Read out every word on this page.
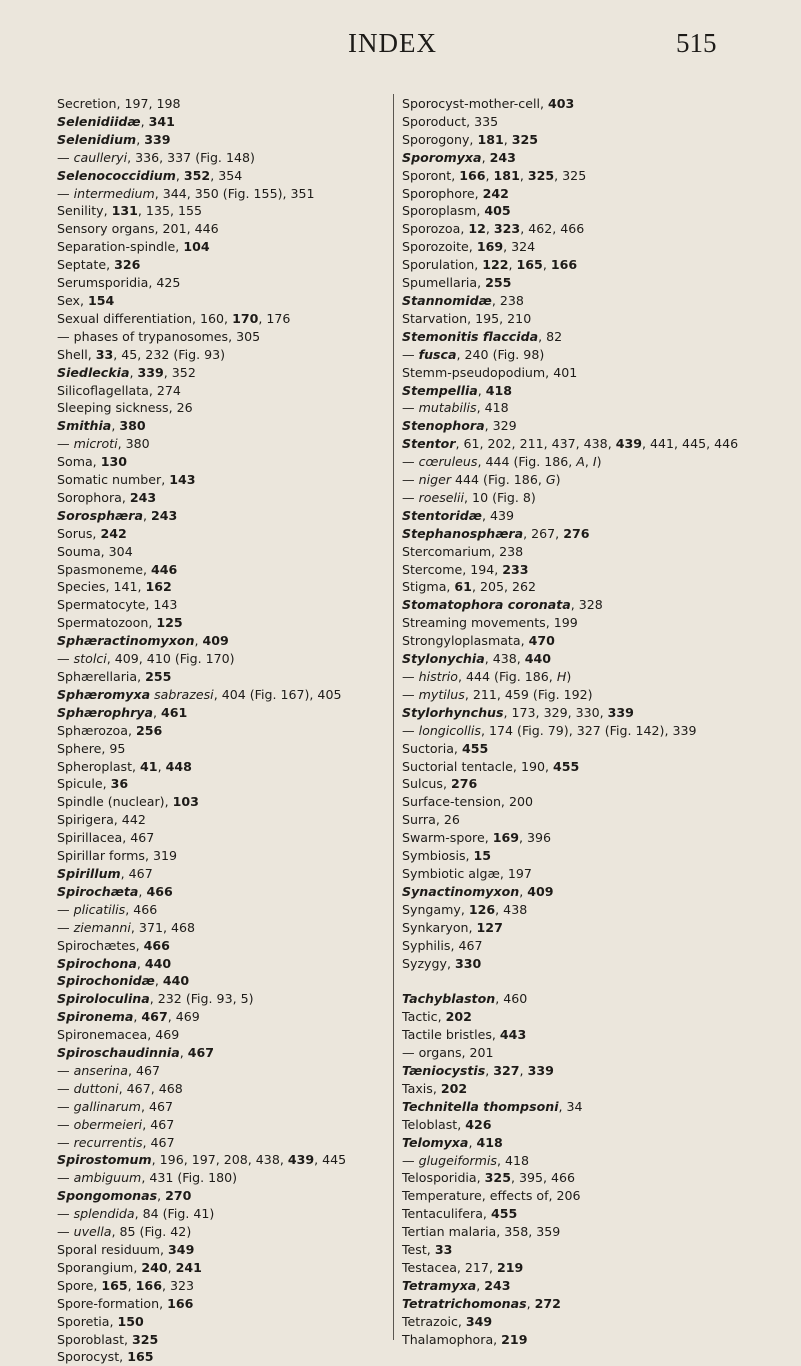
INDEX	515
Secretion, 197, 198
Selenidiidæ, 341
Selenidium, 339
— caulleryi, 336, 337 (Fig. 148)
Selenococcidium, 352, 354
— intermedium, 344, 350 (Fig. 155), 351
Senility, 131, 135, 155
Sensory organs, 201, 446
Separation-spindle, 104
Septate, 326
Serumsporidia, 425
Sex, 154
Sexual differentiation, 160, 170, 176
— phases of trypanosomes, 305
Shell, 33, 45, 232 (Fig. 93)
Siedleckia, 339, 352
Silicoflagellata, 274
Sleeping sickness, 26
Smithia, 380
— microti, 380
Soma, 130
Somatic number, 143
Sorophora, 243
Sorosphæra, 243
Sorus, 242
Souma, 304
Spasmoneme, 446
Species, 141, 162
Spermatocyte, 143
Spermatozoon, 125
Sphæractinomyxon, 409
— stolci, 409, 410 (Fig. 170)
Sphærellaria, 255
Sphæromyxa sabrazesi, 404 (Fig. 167), 405
Sphærophrya, 461
Sphærozoa, 256
Sphere, 95
Spheroplast, 41, 448
Spicule, 36
Spindle (nuclear), 103
Spirigera, 442
Spirillacea, 467
Spirillar forms, 319
Spirillum, 467
Spirochæta, 466
— plicatilis, 466
— ziemanni, 371, 468
Spirochætes, 466
Spirochona, 440
Spirochonidæ, 440
Spiroloculina, 232 (Fig. 93, 5)
Spironema, 467, 469
Spironemacea, 469
Spiroschaudinnia, 467
— anserina, 467
— duttoni, 467, 468
— gallinarum, 467
— obermeieri, 467
— recurrentis, 467
Spirostomum, 196, 197, 208, 438, 439, 445
— ambiguum, 431 (Fig. 180)
Spongomonas, 270
— splendida, 84 (Fig. 41)
— uvella, 85 (Fig. 42)
Sporal residuum, 349
Sporangium, 240, 241
Spore, 165, 166, 323
Spore-formation, 166
Sporetia, 150
Sporoblast, 325
Sporocyst, 165
Sporocyst-mother-cell, 403
Sporoduct, 335
Sporogony, 181, 325
Sporomyxa, 243
Sporont, 166, 181, 325, 325
Sporophore, 242
Sporoplasm, 405
Sporozoa, 12, 323, 462, 466
Sporozoite, 169, 324
Sporulation, 122, 165, 166
Spumellaria, 255
Stannomidæ, 238
Starvation, 195, 210
Stemonitis flaccida, 82
— fusca, 240 (Fig. 98)
Stemm-pseudopodium, 401
Stempellia, 418
— mutabilis, 418
Stenophora, 329
Stentor, 61, 202, 211, 437, 438, 439, 441, 445, 446
— cœruleus, 444 (Fig. 186, A, I)
— niger 444 (Fig. 186, G)
— roeselii, 10 (Fig. 8)
Stentoridæ, 439
Stephanosphæra, 267, 276
Stercomarium, 238
Stercome, 194, 233
Stigma, 61, 205, 262
Stomatophora coronata, 328
Streaming movements, 199
Strongyloplasmata, 470
Stylonychia, 438, 440
— histrio, 444 (Fig. 186, H)
— mytilus, 211, 459 (Fig. 192)
Stylorhynchus, 173, 329, 330, 339
— longicollis, 174 (Fig. 79), 327 (Fig. 142), 339
Suctoria, 455
Suctorial tentacle, 190, 455
Sulcus, 276
Surface-tension, 200
Surra, 26
Swarm-spore, 169, 396
Symbiosis, 15
Symbiotic algæ, 197
Synactinomyxon, 409
Syngamy, 126, 438
Synkaryon, 127
Syphilis, 467
Syzygy, 330
Tachyblaston, 460
Tactic, 202
Tactile bristles, 443
— organs, 201
Tæniocystis, 327, 339
Taxis, 202
Technitella thompsoni, 34
Teloblast, 426
Telomyxa, 418
— glugeiformis, 418
Telosporidia, 325, 395, 466
Temperature, effects of, 206
Tentaculifera, 455
Tertian malaria, 358, 359
Test, 33
Testacea, 217, 219
Tetramyxa, 243
Tetratrichomonas, 272
Tetrazoic, 349
Thalamophora, 219
